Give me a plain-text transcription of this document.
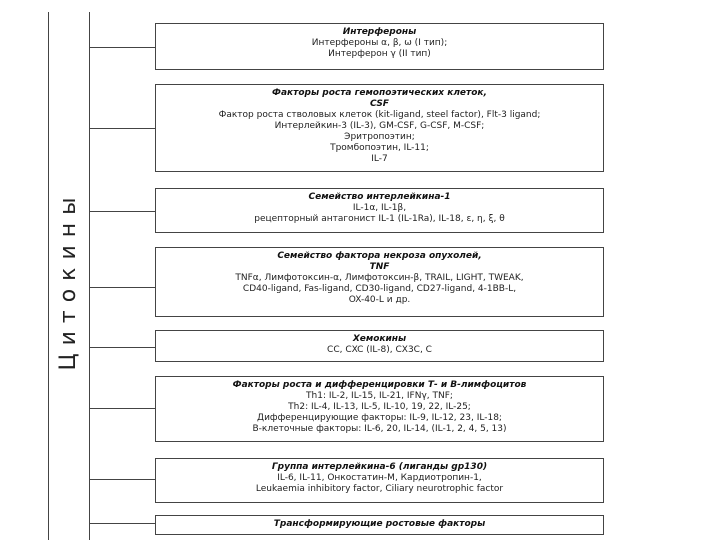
Цитокины
Интерфероны
Интерфероны α, β, ω (I тип);
Интерферон γ (II тип)
Факторы роста гемопоэтических клеток,
CSF
Фактор роста стволовых клеток (kit-ligand, steel factor), Flt-3 ligand;
Интерлейкин-3 (IL-3), GM-CSF, G-CSF, M-CSF;
Эритропоэтин;
Тромбопоэтин, IL-11;
IL-7
Семейство интерлейкина-1
IL-1α, IL-1β,
рецепторный антагонист IL-1 (IL-1Ra), IL-18, ε, η, ξ, θ
Семейство фактора некроза опухолей,
TNF
TNFα, Лимфотоксин-α, Лимфотоксин-β, TRAIL, LIGHT, TWEAK,
CD40-ligand, Fas-ligand, CD30-ligand, CD27-ligand, 4-1BB-L,
OX-40-L и др.
Хемокины
CC, CXC (IL-8), CX3C, C
Факторы роста и дифференцировки Т- и В-лимфоцитов
Th1: IL-2, IL-15, IL-21, IFNγ, TNF;
Th2: IL-4, IL-13, IL-5, IL-10, 19, 22, IL-25;
Дифференцирующие факторы: IL-9, IL-12, 23, IL-18;
В-клеточные факторы: IL-6, 20, IL-14, (IL-1, 2, 4, 5, 13)
Группа интерлейкина-6 (лиганды gp130)
IL-6, IL-11, Онкостатин-М, Кардиотропин-1,
Leukaemia inhibitory factor, Ciliary neurotrophic factor
Трансформирующие ростовые факторы
